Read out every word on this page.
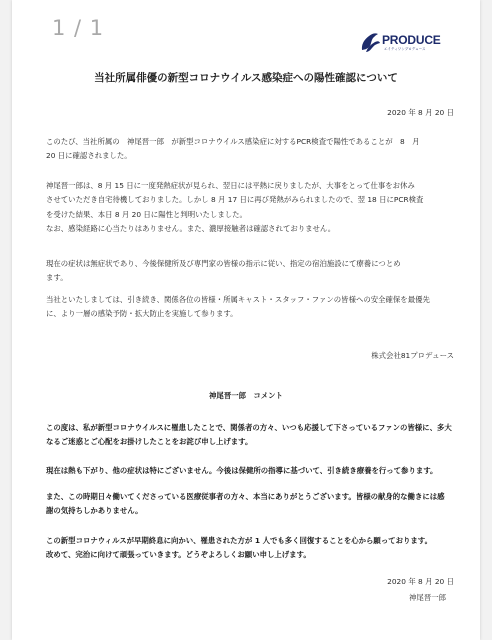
1 / 1	PRODUCE
エイティワンプロデュース
当社所属俳優の新型コロナウイルス感染症への陽性確認について
2020 年 8 月 20 日
このたび、当社所属の　神尾晋一郎　が新型コロナウイルス感染症に対するPCR検査で陽性であることが　8　月
20 日に確認されました。
神尾晋一郎は、8 月 15 日に一度発熱症状が見られ、翌日には平熱に戻りましたが、大事をとって仕事をお休み
させていただき自宅待機しておりました。しかし 8 月 17 日に再び発熱がみられましたので、翌 18 日にPCR検査
を受けた結果、本日 8 月 20 日に陽性と判明いたしました。
なお、感染経路に心当たりはありません。また、濃厚接触者は確認されておりません。
現在の症状は無症状であり、今後保健所及び専門家の皆様の指示に従い、指定の宿泊施設にて療養につとめ
ます。
当社といたしましては、引き続き、関係各位の皆様・所属キャスト・スタッフ・ファンの皆様への安全確保を最優先
に、より一層の感染予防・拡大防止を実施して参ります。
株式会社81プロデュース
神尾晋一郎　コメント
この度は、私が新型コロナウイルスに罹患したことで、関係者の方々、いつも応援して下さっているファンの皆様に、多大
なるご迷惑とご心配をお掛けしたことをお詫び申し上げます。
現在は熱も下がり、他の症状は特にございません。今後は保健所の指導に基づいて、引き続き療養を行って参ります。
また、この時期日々働いてくださっている医療従事者の方々、本当にありがとうございます。皆様の献身的な働きには感
謝の気持ちしかありません。
この新型コロナウィルスが早期終息に向かい、罹患された方が 1 人でも多く回復することを心から願っております。
改めて、完治に向けて頑張っていきます。どうぞよろしくお願い申し上げます。
2020 年 8 月 20 日
神尾晋一郎
